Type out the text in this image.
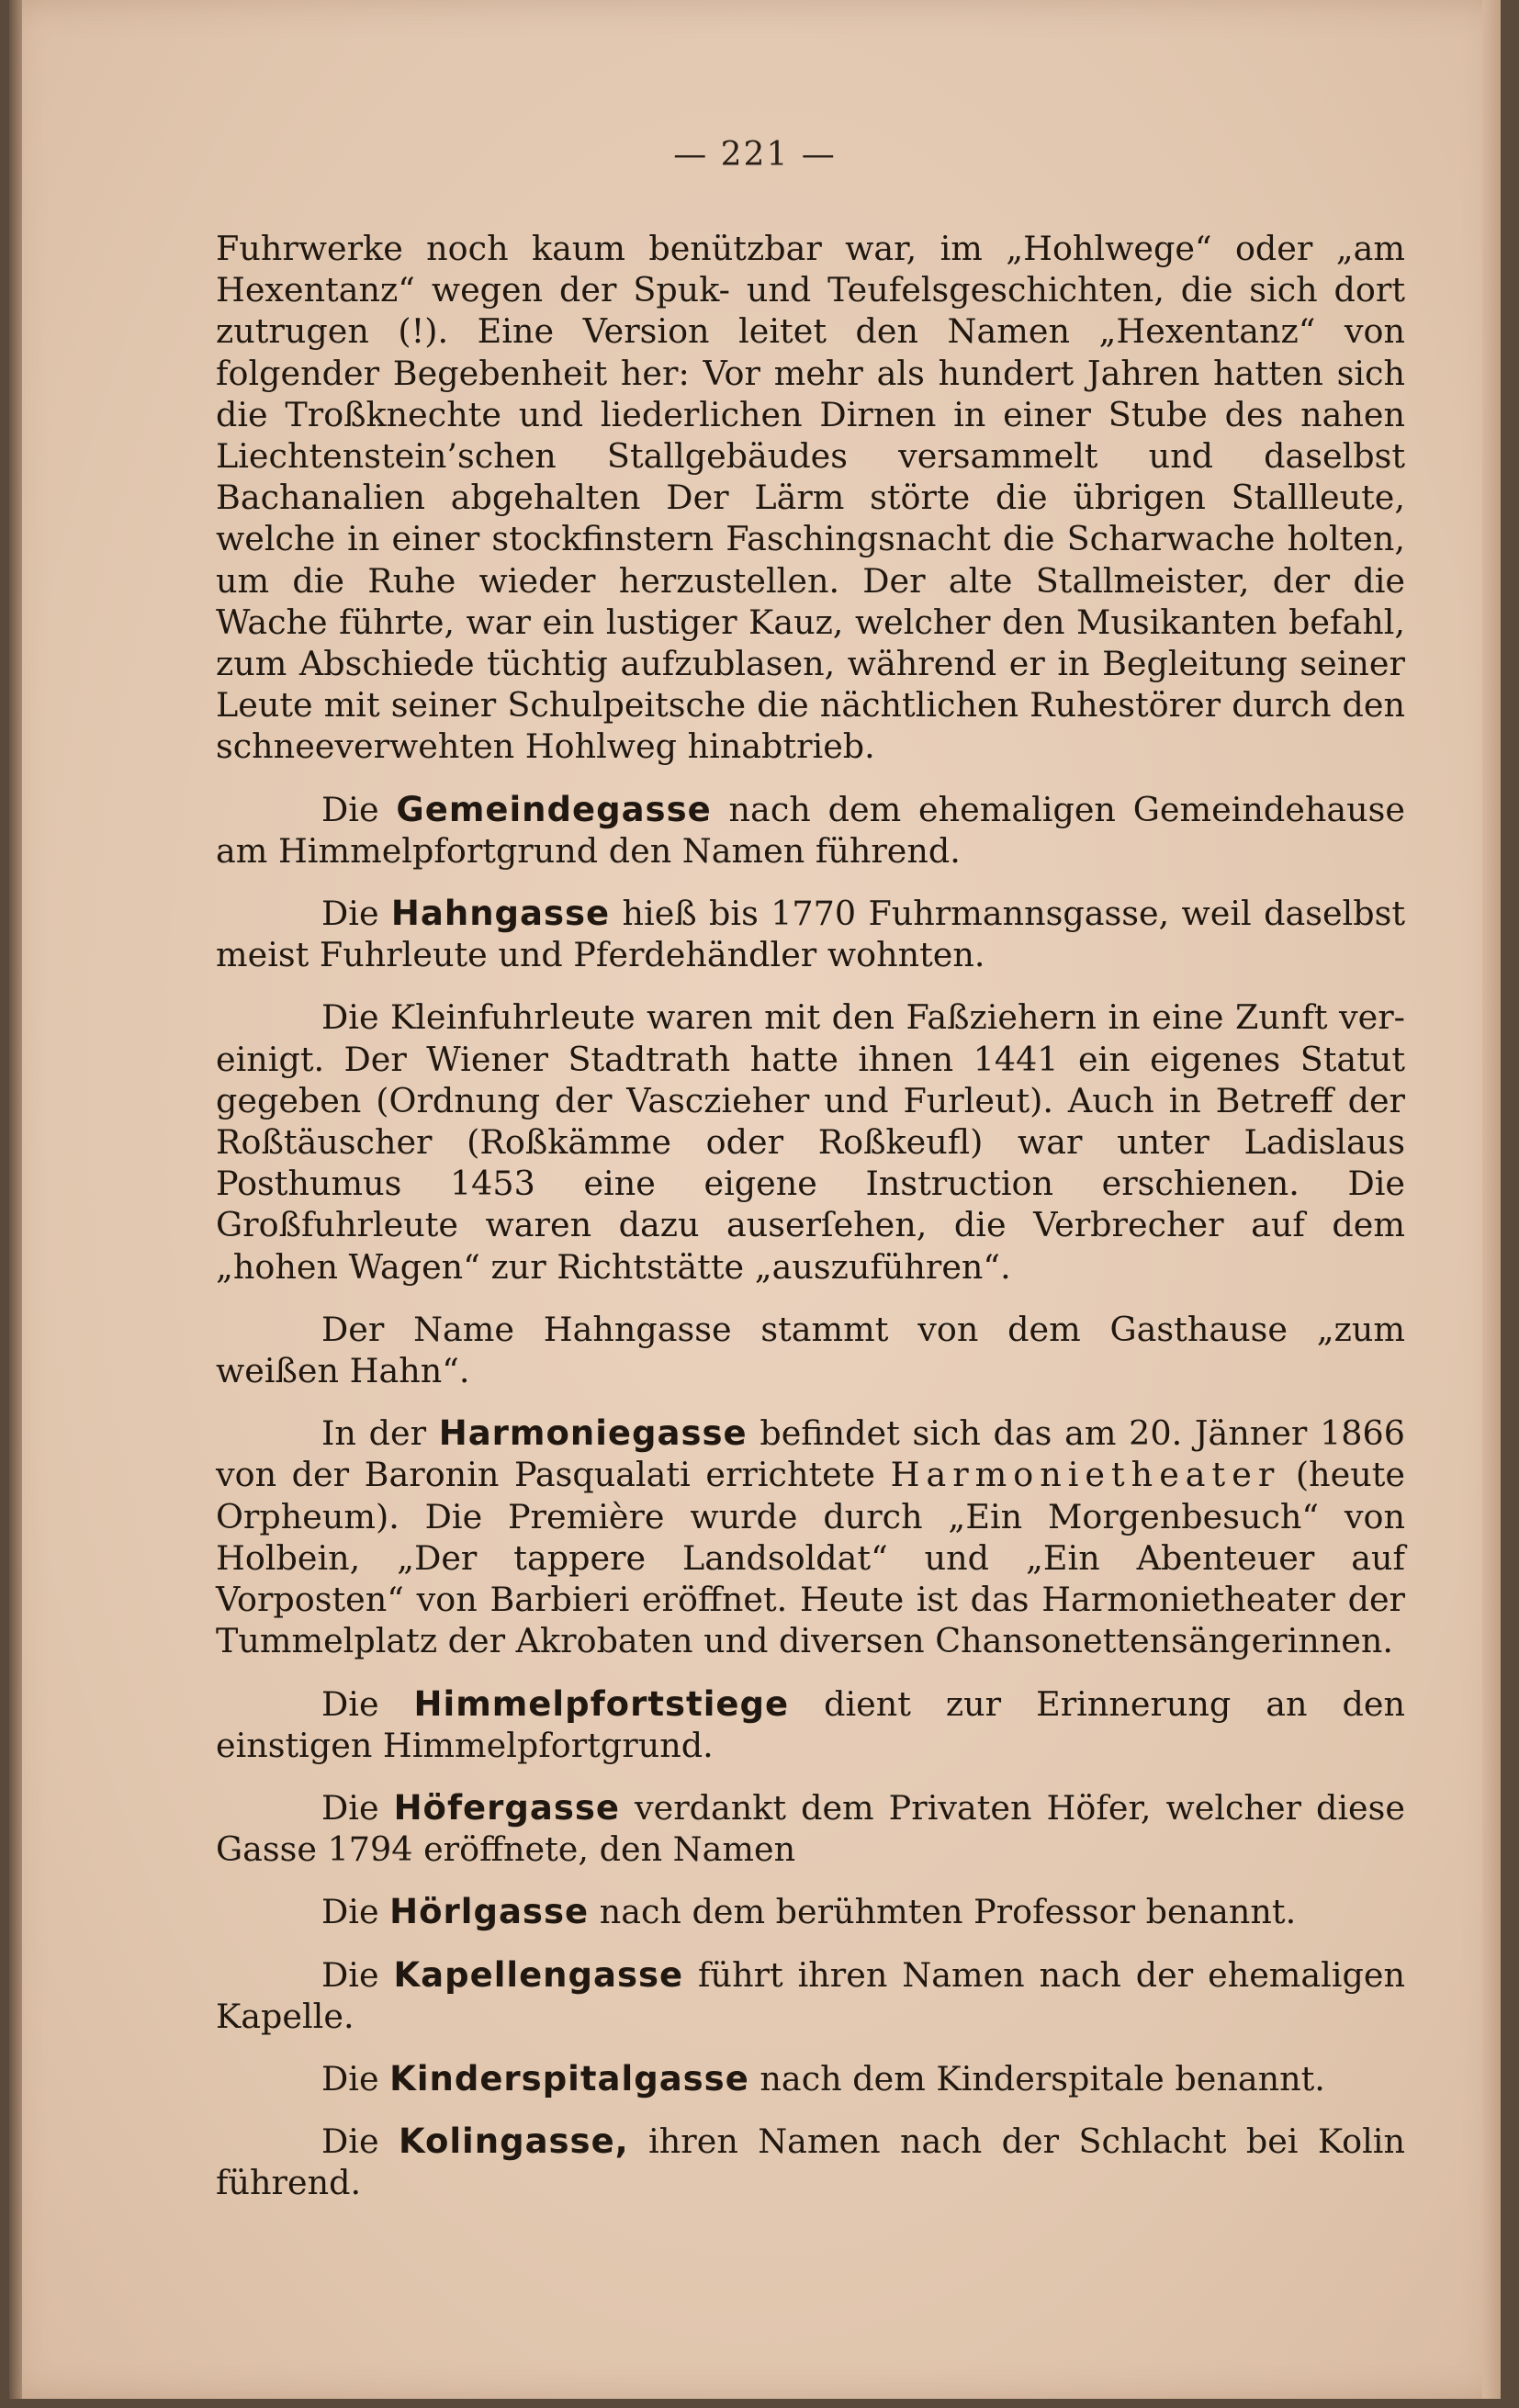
— 221 —

Fuhrwerke noch kaum benützbar war, im „Hohlwege“ oder „am Hexentanz“ wegen der Spuk- und Teufelsgeschichten, die sich dort zutrugen (!). Eine Version leitet den Namen „Hexentanz“ von folgender Begebenheit her: Vor mehr als hundert Jahren hatten sich die Troßknechte und liederlichen Dirnen in einer Stube des nahen Liechtenstein’schen Stallgebäudes versammelt und daselbst Bachanalien abgehalten Der Lärm störte die übrigen Stallleute, welche in einer stockfinstern Faschingsnacht die Scharwache holten, um die Ruhe wieder herzustellen. Der alte Stallmeister, der die Wache führte, war ein lustiger Kauz, welcher den Musikanten befahl, zum Abschiede tüchtig aufzublasen, während er in Begleitung seiner Leute mit seiner Schulpeitsche die nächtlichen Ruhestörer durch den schneeverwehten Hohlweg hinabtrieb.

Die Gemeindegasse nach dem ehemaligen Gemeindehause am Himmelpfortgrund den Namen führend.

Die Hahngasse hieß bis 1770 Fuhrmannsgasse, weil daselbst meist Fuhrleute und Pferdehändler wohnten.

Die Kleinfuhrleute waren mit den Faßziehern in eine Zunft vereinigt. Der Wiener Stadtrath hatte ihnen 1441 ein eigenes Statut gegeben (Ordnung der Vasczieher und Furleut). Auch in Betreff der Roßtäuscher (Roßkämme oder Roßkeufl) war unter Ladislaus Posthumus 1453 eine eigene Instruction erschienen. Die Großfuhrleute waren dazu auserſehen, die Verbrecher auf dem „hohen Wagen“ zur Richtstätte „auszuführen“.

Der Name Hahngasse stammt von dem Gasthause „zum weißen Hahn“.

In der Harmoniegasse befindet sich das am 20. Jänner 1866 von der Baronin Pasqualati errichtete Harmonietheater (heute Orpheum). Die Première wurde durch „Ein Morgenbesuch“ von Holbein, „Der tappere Landsoldat“ und „Ein Abenteuer auf Vorposten“ von Barbieri eröffnet. Heute ist das Harmonietheater der Tummelplatz der Akrobaten und diversen Chansonettensängerinnen.

Die Himmelpfortstiege dient zur Erinnerung an den einstigen Himmelpfortgrund.

Die Höfergasse verdankt dem Privaten Höfer, welcher diese Gasse 1794 eröffnete, den Namen

Die Hörlgasse nach dem berühmten Professor benannt.

Die Kapellengasse führt ihren Namen nach der ehemaligen Kapelle.

Die Kinderspitalgasse nach dem Kinderspitale benannt.

Die Kolingasse, ihren Namen nach der Schlacht bei Kolin führend.
